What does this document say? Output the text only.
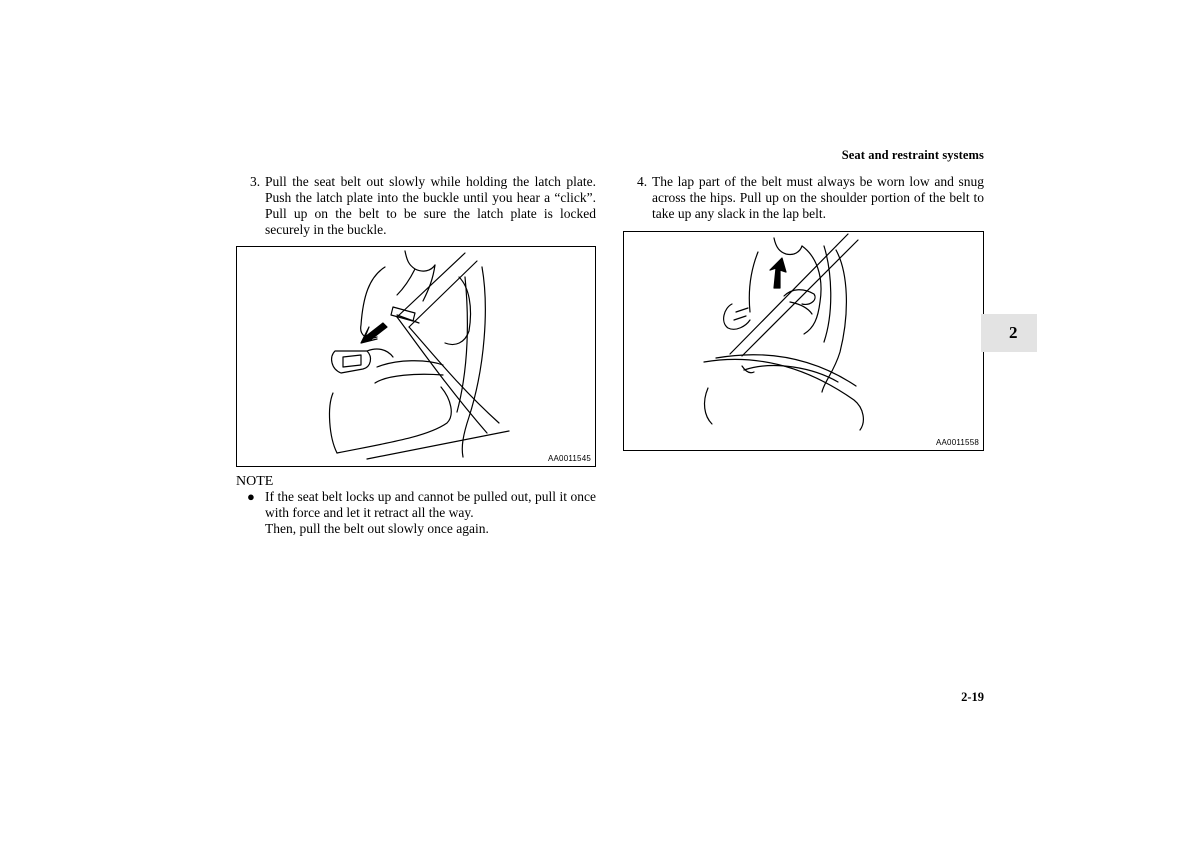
Seat and restraint systems
3. Pull the seat belt out slowly while holding the latch plate. Push the latch plate into the buckle until you hear a “click”. Pull up on the belt to be sure the latch plate is locked securely in the buckle.
4. The lap part of the belt must always be worn low and snug across the hips. Pull up on the shoulder portion of the belt to take up any slack in the lap belt.
AA0011545
AA0011558
NOTE
● If the seat belt locks up and cannot be pulled out, pull it once with force and let it retract all the way.
Then, pull the belt out slowly once again.
2
2-19
